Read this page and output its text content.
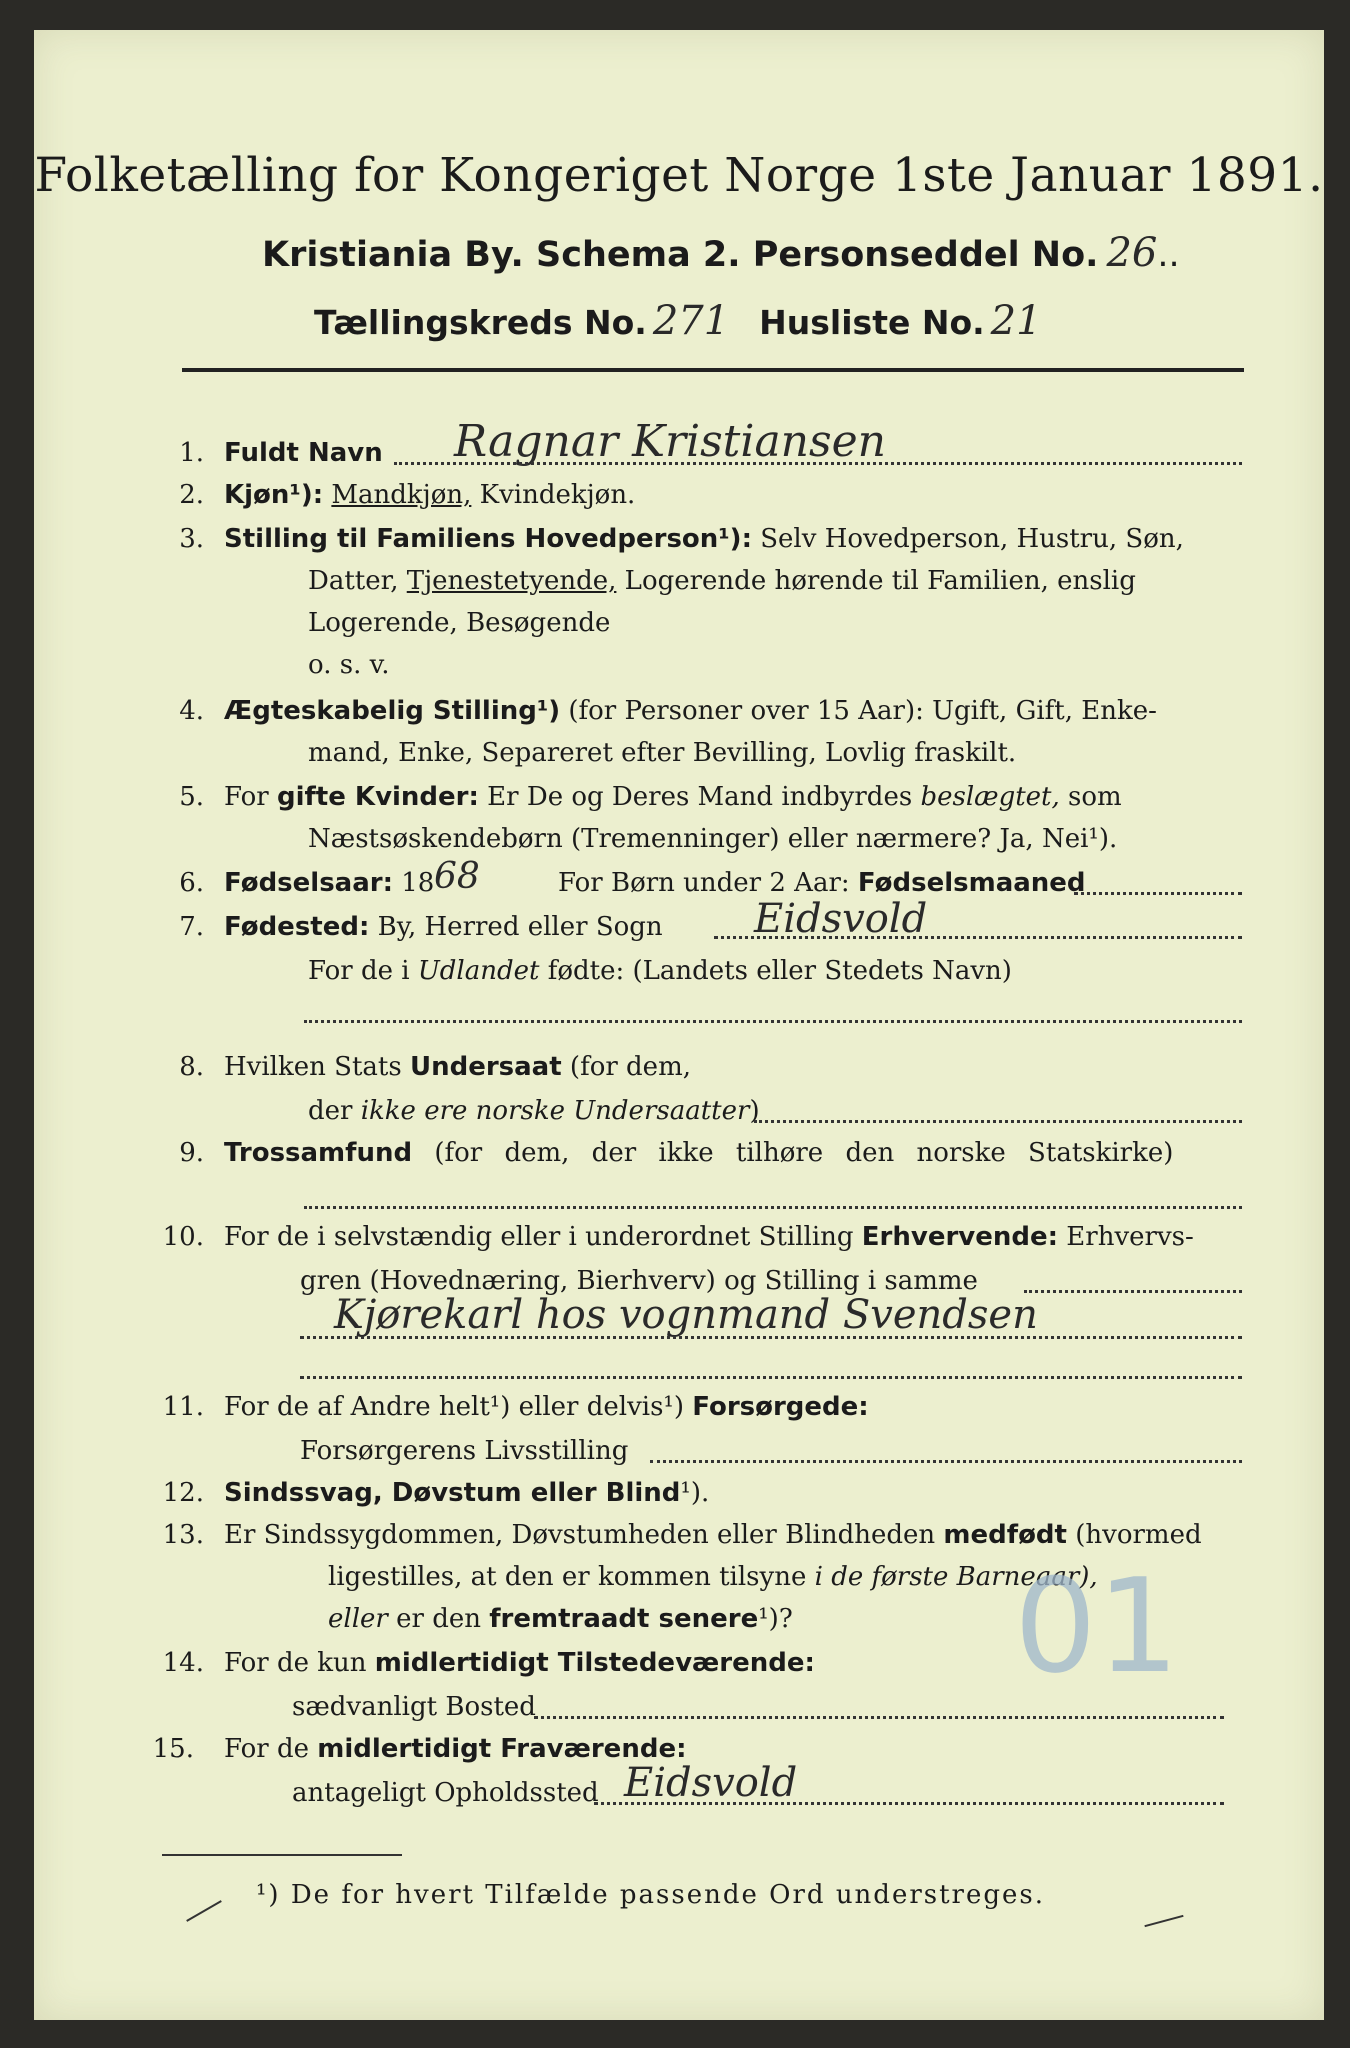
Folketælling for Kongeriget Norge 1ste Januar 1891.
Kristiania By. Schema 2. Personseddel No. 26..
Tællingskreds No. 271 Husliste No. 21
1. Fuldt Navn Ragnar Kristiansen
2. Kjøn¹): Mandkjøn, Kvindekjøn.
3. Stilling til Familiens Hovedperson¹): Selv Hovedperson, Hustru, Søn,
Datter, Tjenestetyende, Logerende hørende til Familien, enslig
Logerende, Besøgende
o. s. v.
4. Ægteskabelig Stilling¹) (for Personer over 15 Aar): Ugift, Gift, Enke-
mand, Enke, Separeret efter Bevilling, Lovlig fraskilt.
5. For gifte Kvinder: Er De og Deres Mand indbyrdes beslægtet, som
Næstsøskendebørn (Tremenninger) eller nærmere? Ja, Nei¹).
6. Fødselsaar: 18 68	For Børn under 2 Aar: Fødselsmaaned
7. Fødested: By, Herred eller Sogn Eidsvold
For de i Udlandet fødte: (Landets eller Stedets Navn)
8. Hvilken Stats Undersaat (for dem,
der ikke ere norske Undersaatter)
9. Trossamfund (for dem, der ikke tilhøre den norske Statskirke)
10. For de i selvstændig eller i underordnet Stilling Erhvervende: Erhvervs-
gren (Hovednæring, Bierhverv) og Stilling i samme
Kjørekarl hos vognmand Svendsen
11. For de af Andre helt¹) eller delvis¹) Forsørgede:
Forsørgerens Livsstilling
12. Sindssvag, Døvstum eller Blind¹).
13. Er Sindssygdommen, Døvstumheden eller Blindheden medfødt (hvormed
ligestilles, at den er kommen tilsyne i de første Barneaar),
eller er den fremtraadt senere¹)? 01
14. For de kun midlertidigt Tilstedeværende:
sædvanligt Bosted
15. For de midlertidigt Fraværende:
antageligt Opholdssted Eidsvold
¹) De for hvert Tilfælde passende Ord understreges.
